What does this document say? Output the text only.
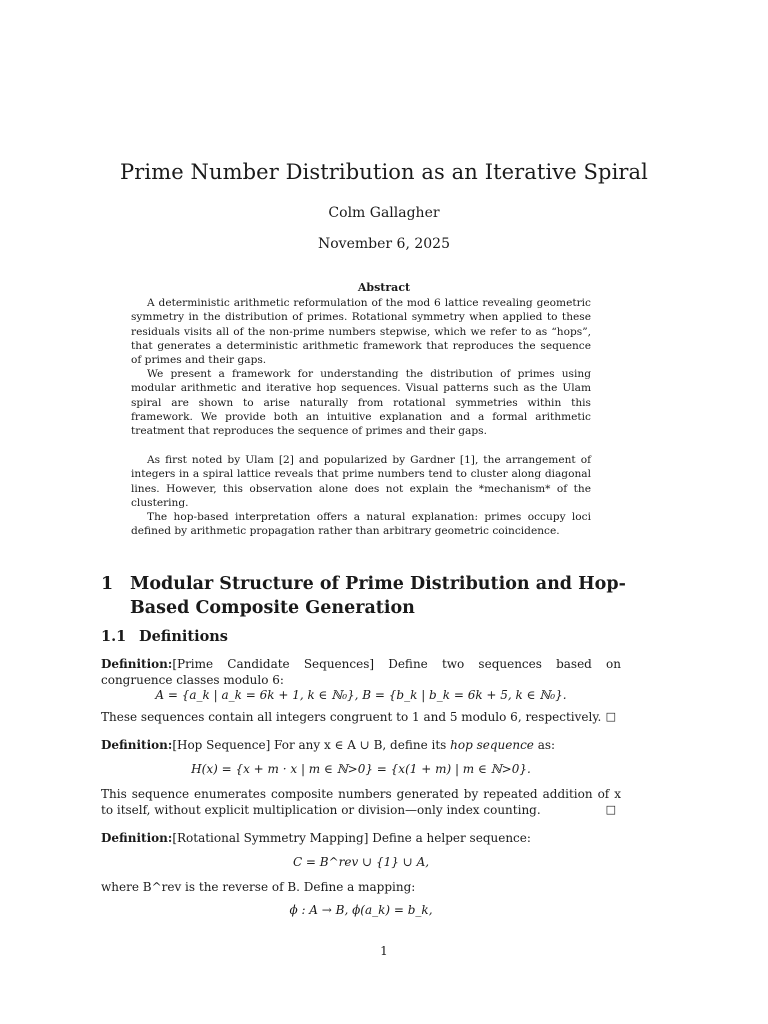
Prime Number Distribution as an Iterative Spiral
Colm Gallagher
November 6, 2025
Abstract

A deterministic arithmetic reformulation of the mod 6 lattice revealing geometric symmetry in the distribution of primes. Rotational symmetry when applied to these residuals visits all of the non-prime numbers stepwise, which we refer to as “hops”, that generates a deterministic arithmetic framework that reproduces the sequence of primes and their gaps.

We present a framework for understanding the distribution of primes using modular arithmetic and iterative hop sequences. Visual patterns such as the Ulam spiral are shown to arise naturally from rotational symmetries within this framework. We provide both an intuitive explanation and a formal arithmetic treatment that reproduces the sequence of primes and their gaps.

As first noted by Ulam [2] and popularized by Gardner [1], the arrangement of integers in a spiral lattice reveals that prime numbers tend to cluster along diagonal lines. However, this observation alone does not explain the *mechanism* of the clustering.

The hop-based interpretation offers a natural explanation: primes occupy loci defined by arithmetic propagation rather than arbitrary geometric coincidence.

1 Modular Structure of Prime Distribution and Hop-Based Composite Generation
1.1 Definitions
Definition:[Prime Candidate Sequences] Define two sequences based on congruence classes modulo 6:
A = {a_k | a_k = 6k + 1, k ∈ ℕ₀}, B = {b_k | b_k = 6k + 5, k ∈ ℕ₀}.
These sequences contain all integers congruent to 1 and 5 modulo 6, respectively. □
Definition:[Hop Sequence] For any x ∈ A ∪ B, define its hop sequence as:
H(x) = {x + m · x | m ∈ ℕ>0} = {x(1 + m) | m ∈ ℕ>0}.
This sequence enumerates composite numbers generated by repeated addition of x to itself, without explicit multiplication or division—only index counting.	□
Definition:[Rotational Symmetry Mapping] Define a helper sequence:
C = B^rev ∪ {1} ∪ A,
where B^rev is the reverse of B. Define a mapping:
ϕ : A → B, ϕ(a_k) = b_k,
1
